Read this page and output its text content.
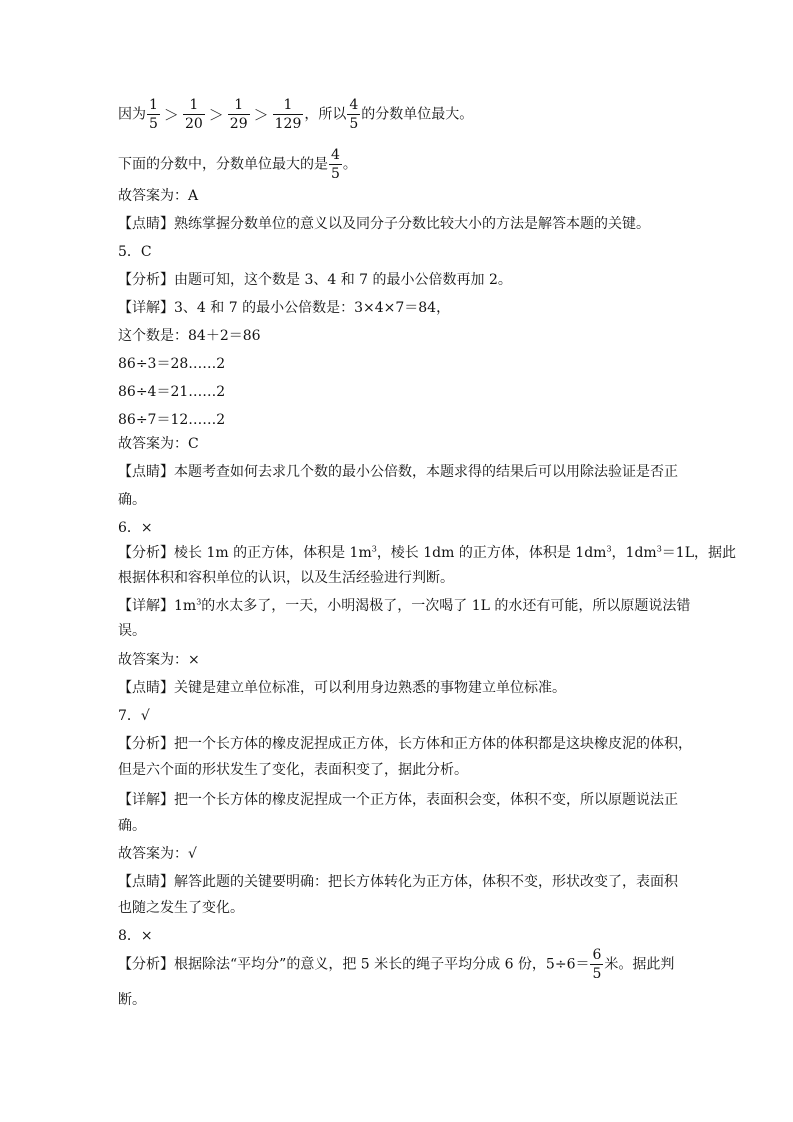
因为 $\frac{1}{5} > \frac{1}{20} > \frac{1}{29} > \frac{1}{129}$ ，所以 $\frac{4}{5}$ 的分数单位最大。
下面的分数中，分数单位最大的是 $\frac{4}{5}$ 。
故答案为：A
【点睛】熟练掌握分数单位的意义以及同分子分数比较大小的方法是解答本题的关键。
5．C
【分析】由题可知，这个数是 3、4 和 7 的最小公倍数再加 2。
【详解】3、4 和 7 的最小公倍数是：3×4×7＝84，
这个数是：84＋2＝86
86÷3＝28……2
86÷4＝21……2
86÷7＝12……2
故答案为：C
【点睛】本题考查如何去求几个数的最小公倍数，本题求得的结果后可以用除法验证是否正
确。
6．×
【分析】棱长 1m 的正方体，体积是 $1m^3$，棱长 1dm 的正方体，体积是 $1dm^3$，$1dm^3=1L$，据此
根据体积和容积单位的认识，以及生活经验进行判断。
【详解】$1m^3$的水太多了，一天，小明渴极了，一次喝了 1L 的水还有可能，所以原题说法错
误。
故答案为：×
【点睛】关键是建立单位标准，可以利用身边熟悉的事物建立单位标准。
7．√
【分析】把一个长方体的橡皮泥捏成正方体，长方体和正方体的体积都是这块橡皮泥的体积，
但是六个面的形状发生了变化，表面积变了，据此分析。
【详解】把一个长方体的橡皮泥捏成一个正方体，表面积会变，体积不变，所以原题说法正
确。
故答案为：√
【点睛】解答此题的关键要明确：把长方体转化为正方体，体积不变，形状改变了，表面积
也随之发生了变化。
8．×
【分析】根据除法“平均分”的意义，把 5 米长的绳子平均分成 6 份，$5\div 6= \frac{6}{5}$ 米。据此判
断。
